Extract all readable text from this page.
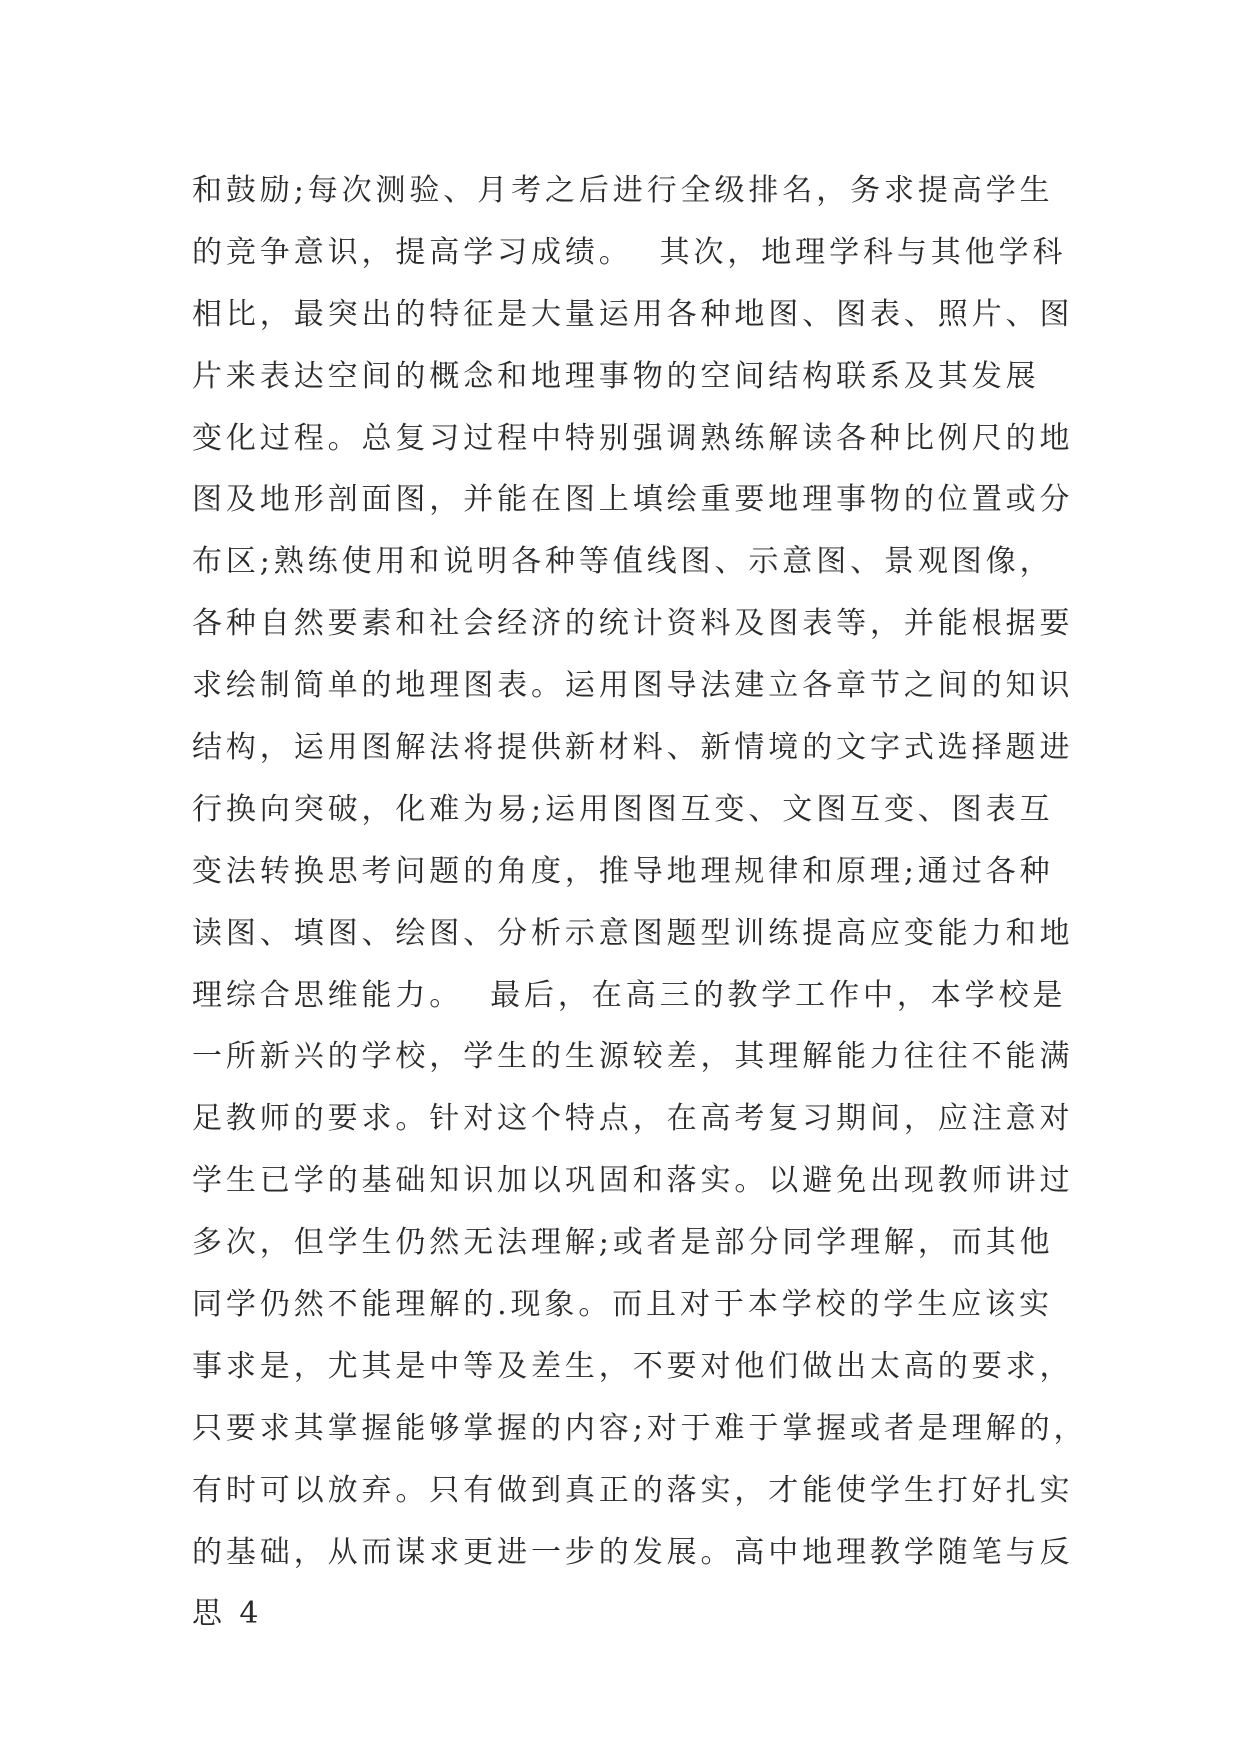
和鼓励;每次测验、月考之后进行全级排名，务求提高学生
的竞争意识，提高学习成绩。  其次，地理学科与其他学科
相比，最突出的特征是大量运用各种地图、图表、照片、图
片来表达空间的概念和地理事物的空间结构联系及其发展
变化过程。总复习过程中特别强调熟练解读各种比例尺的地
图及地形剖面图，并能在图上填绘重要地理事物的位置或分
布区;熟练使用和说明各种等值线图、示意图、景观图像，
各种自然要素和社会经济的统计资料及图表等，并能根据要
求绘制简单的地理图表。运用图导法建立各章节之间的知识
结构，运用图解法将提供新材料、新情境的文字式选择题进
行换向突破，化难为易;运用图图互变、文图互变、图表互
变法转换思考问题的角度，推导地理规律和原理;通过各种
读图、填图、绘图、分析示意图题型训练提高应变能力和地
理综合思维能力。  最后，在高三的教学工作中，本学校是
一所新兴的学校，学生的生源较差，其理解能力往往不能满
足教师的要求。针对这个特点，在高考复习期间，应注意对
学生已学的基础知识加以巩固和落实。以避免出现教师讲过
多次，但学生仍然无法理解;或者是部分同学理解，而其他
同学仍然不能理解的.现象。而且对于本学校的学生应该实
事求是，尤其是中等及差生，不要对他们做出太高的要求，
只要求其掌握能够掌握的内容;对于难于掌握或者是理解的，
有时可以放弃。只有做到真正的落实，才能使学生打好扎实
的基础，从而谋求更进一步的发展。高中地理教学随笔与反
思 4
